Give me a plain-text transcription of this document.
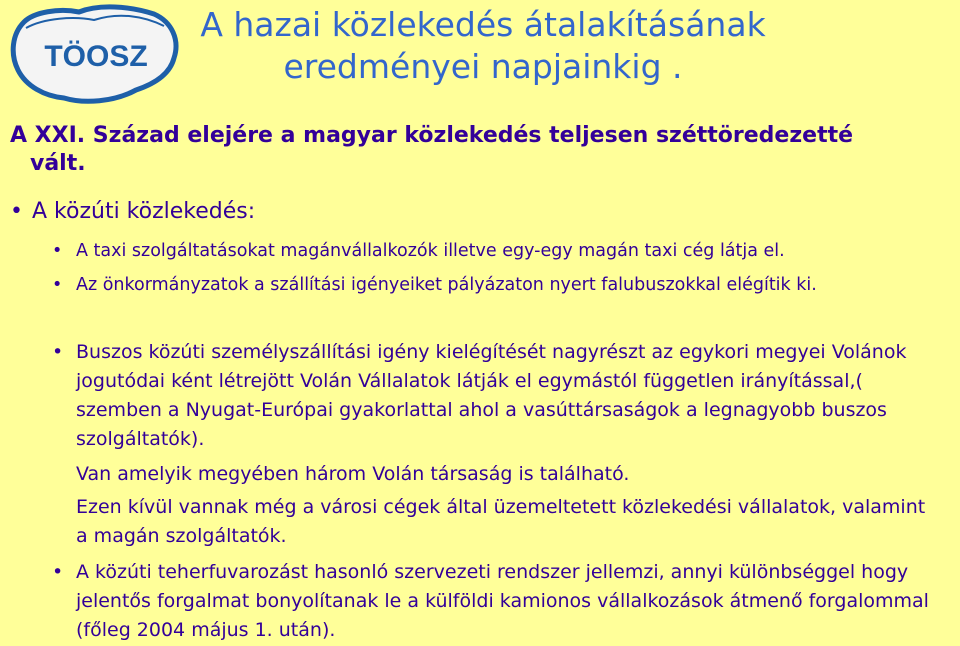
TÖOSZ
A hazai közlekedés átalakításának
eredményei napjainkig .
A XXI. Század elejére a magyar közlekedés teljesen széttöredezetté
vált.
• A közúti közlekedés:
• A taxi szolgáltatásokat magánvállalkozók illetve egy-egy magán taxi cég látja el.
• Az önkormányzatok a szállítási igényeiket pályázaton nyert falubuszokkal elégítik ki.
• Buszos közúti személyszállítási igény kielégítését nagyrészt az egykori megyei Volánok jogutódai ként létrejött Volán Vállalatok látják el egymástól független irányítással,( szemben a Nyugat-Európai gyakorlattal ahol a vasúttársaságok a legnagyobb buszos szolgáltatók).
Van amelyik megyében három Volán társaság is található.
Ezen kívül vannak még a városi cégek által üzemeltetett közlekedési vállalatok, valamint a magán szolgáltatók.
• A közúti teherfuvarozást hasonló szervezeti rendszer jellemzi, annyi különbséggel hogy jelentős forgalmat bonyolítanak le a külföldi kamionos vállalkozások átmenő forgalommal (főleg 2004 május 1. után).
